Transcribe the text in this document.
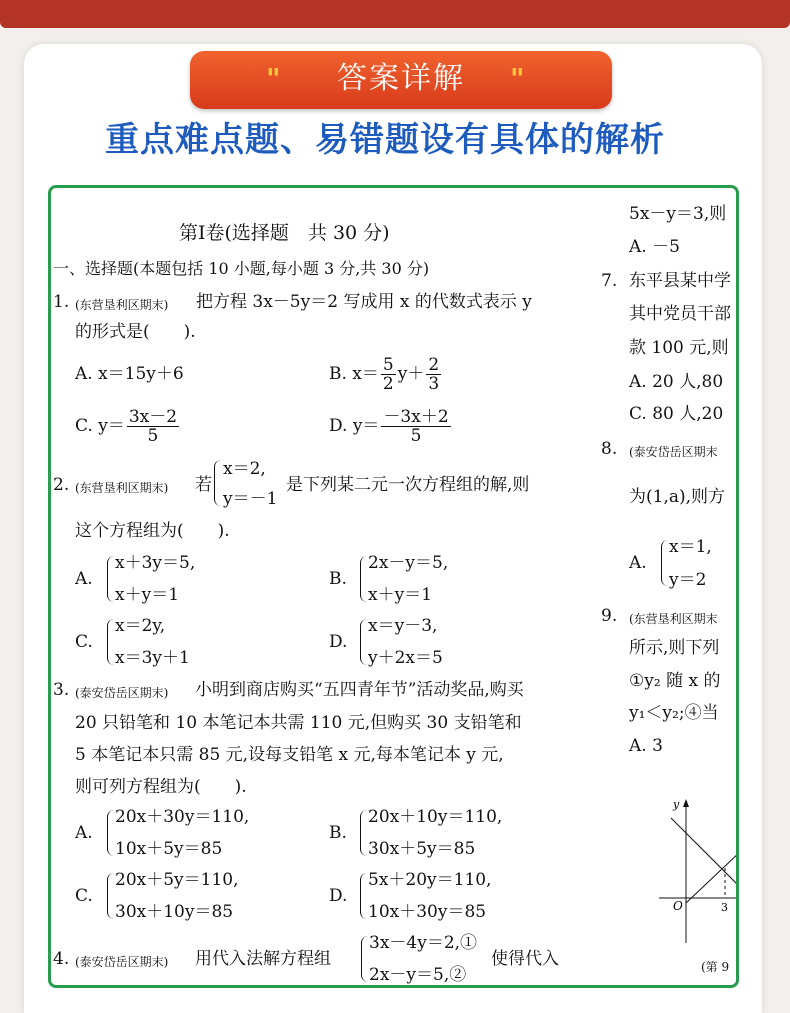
"	答案详解	"
重点难点题、易错题设有具体的解析
第Ⅰ卷(选择题　共 30 分)
一、选择题(本题包括 10 小题,每小题 3 分,共 30 分)
1. (东营垦利区期末) 把方程 3x－5y＝2 写成用 x 的代数式表示 y
的形式是(　　).
A. x＝15y＋6	B. $x= \frac{5}{2} y+ \frac{2}{3}$
C. $y= \frac{3x-2}{5}$	D. $y= \frac{-3x+2}{5}$
2. (东营垦利区期末) 若
x＝2,
y＝－1
是下列某二元一次方程组的解,则
这个方程组为(　　).
A.
x＋3y＝5,
x＋y＝1
B.
2x－y＝5,
x＋y＝1
C.
x＝2y,
x＝3y＋1
D.
x＝y－3,
y＋2x＝5
3. (泰安岱岳区期末) 小明到商店购买“五四青年节”活动奖品,购买
20 只铅笔和 10 本笔记本共需 110 元,但购买 30 支铅笔和
5 本笔记本只需 85 元,设每支铅笔 x 元,每本笔记本 y 元,
则可列方程组为(　　).
A.
20x＋30y＝110,
10x＋5y＝85
B.
20x＋10y＝110,
30x＋5y＝85
C.
20x＋5y＝110,
30x＋10y＝85
D.
5x＋20y＝110,
10x＋30y＝85
4. (泰安岱岳区期末) 用代入法解方程组
3x－4y＝2,①
2x－y＝5,②
使得代入
5x－y＝3,则
A. －5
7. 东平县某中学
其中党员干部
款 100 元,则
A. 20 人,80
C. 80 人,20
8. (泰安岱岳区期末
为(1,a),则方
A.
x＝1,
y＝2
9. (东营垦利区期末
所示,则下列
①y₂ 随 x 的
y₁＜y₂;④当
A. 3
y
O	3
(第 9
